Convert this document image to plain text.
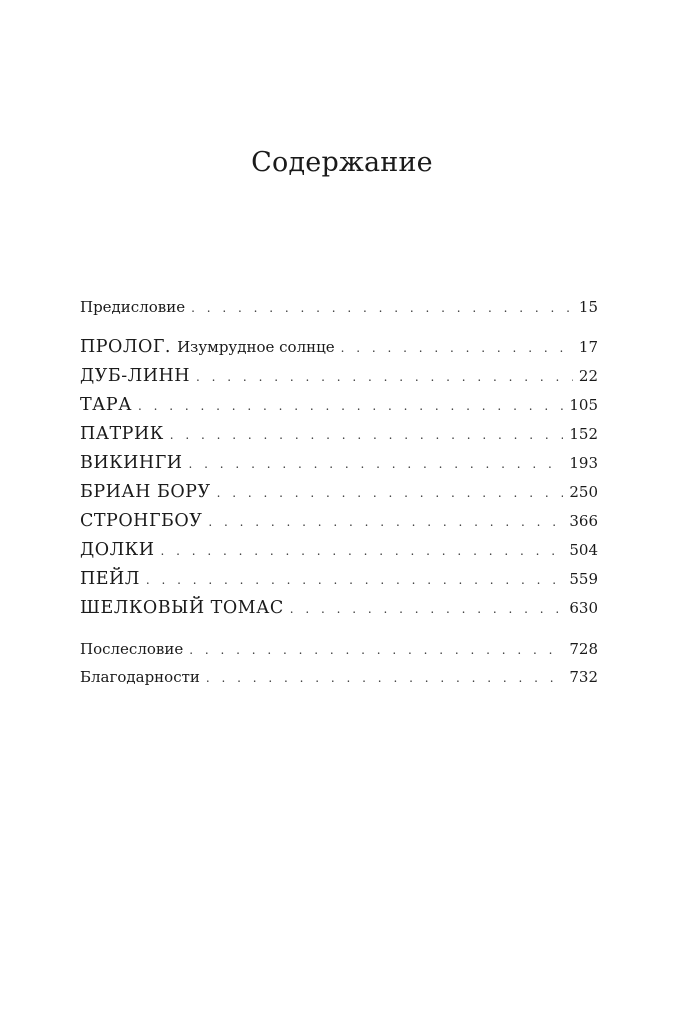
Содержание
Предисловие . . .	15
ПРОЛОГ. Изумрудное солнце . . .	17
ДУБ-ЛИНН . . .	22
ТАРА . . .	105
ПАТРИК . . .	152
ВИКИНГИ . . .	193
БРИАН БОРУ . . .	250
СТРОНГБОУ . . .	366
ДОЛКИ . . .	504
ПЕЙЛ . . .	559
ШЕЛКОВЫЙ ТОМАС . . .	630
Послесловие . . .	728
Благодарности . . .	732
